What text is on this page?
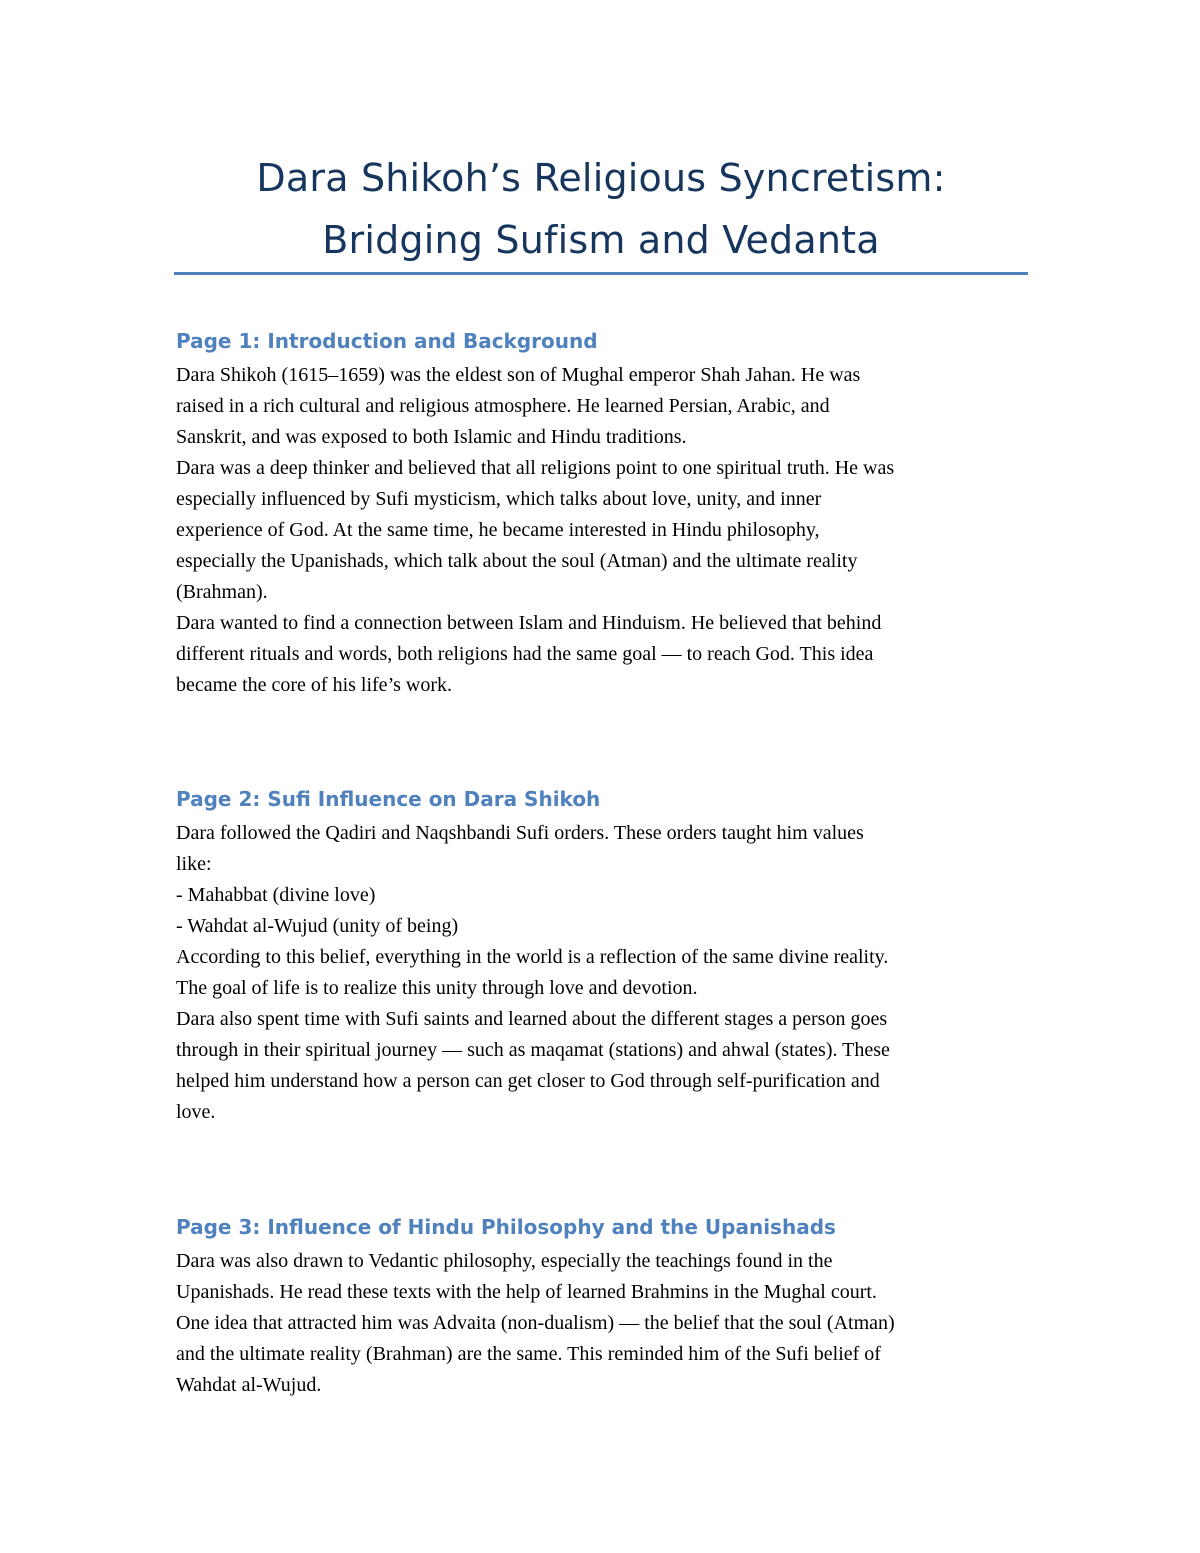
Dara Shikoh’s Religious Syncretism:
Bridging Sufism and Vedanta
Page 1: Introduction and Background

Dara Shikoh (1615–1659) was the eldest son of Mughal emperor Shah Jahan. He was
raised in a rich cultural and religious atmosphere. He learned Persian, Arabic, and
Sanskrit, and was exposed to both Islamic and Hindu traditions.

Dara was a deep thinker and believed that all religions point to one spiritual truth. He was
especially influenced by Sufi mysticism, which talks about love, unity, and inner
experience of God. At the same time, he became interested in Hindu philosophy,
especially the Upanishads, which talk about the soul (Atman) and the ultimate reality
(Brahman).

Dara wanted to find a connection between Islam and Hinduism. He believed that behind
different rituals and words, both religions had the same goal — to reach God. This idea
became the core of his life’s work.

Page 2: Sufi Influence on Dara Shikoh

Dara followed the Qadiri and Naqshbandi Sufi orders. These orders taught him values
like:

- Mahabbat (divine love)

- Wahdat al-Wujud (unity of being)

According to this belief, everything in the world is a reflection of the same divine reality.
The goal of life is to realize this unity through love and devotion.

Dara also spent time with Sufi saints and learned about the different stages a person goes
through in their spiritual journey — such as maqamat (stations) and ahwal (states). These
helped him understand how a person can get closer to God through self-purification and
love.

Page 3: Influence of Hindu Philosophy and the Upanishads

Dara was also drawn to Vedantic philosophy, especially the teachings found in the
Upanishads. He read these texts with the help of learned Brahmins in the Mughal court.

One idea that attracted him was Advaita (non-dualism) — the belief that the soul (Atman)
and the ultimate reality (Brahman) are the same. This reminded him of the Sufi belief of
Wahdat al-Wujud.
